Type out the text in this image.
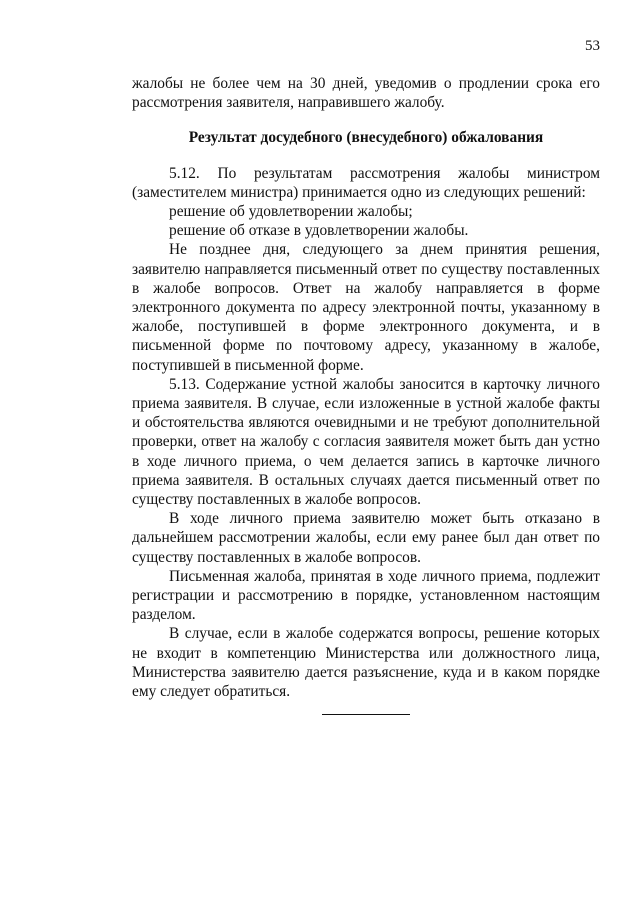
53

жалобы не более чем на 30 дней, уведомив о продлении срока его рассмотрения заявителя, направившего жалобу.

Результат досудебного (внесудебного) обжалования

5.12. По результатам рассмотрения жалобы министром (заместителем министра) принимается одно из следующих решений:

решение об удовлетворении жалобы;

решение об отказе в удовлетворении жалобы.

Не позднее дня, следующего за днем принятия решения, заявителю направляется письменный ответ по существу поставленных в жалобе вопросов. Ответ на жалобу направляется в форме электронного документа по адресу электронной почты, указанному в жалобе, поступившей в форме электронного документа, и в письменной форме по почтовому адресу, указанному в жалобе, поступившей в письменной форме.

5.13. Содержание устной жалобы заносится в карточку личного приема заявителя. В случае, если изложенные в устной жалобе факты и обстоятельства являются очевидными и не требуют дополнительной проверки, ответ на жалобу с согласия заявителя может быть дан устно в ходе личного приема, о чем делается запись в карточке личного приема заявителя. В остальных случаях дается письменный ответ по существу поставленных в жалобе вопросов.

В ходе личного приема заявителю может быть отказано в дальнейшем рассмотрении жалобы, если ему ранее был дан ответ по существу поставленных в жалобе вопросов.

Письменная жалоба, принятая в ходе личного приема, подлежит регистрации и рассмотрению в порядке, установленном настоящим разделом.

В случае, если в жалобе содержатся вопросы, решение которых не входит в компетенцию Министерства или должностного лица, Министерства заявителю дается разъяснение, куда и в каком порядке ему следует обратиться.
